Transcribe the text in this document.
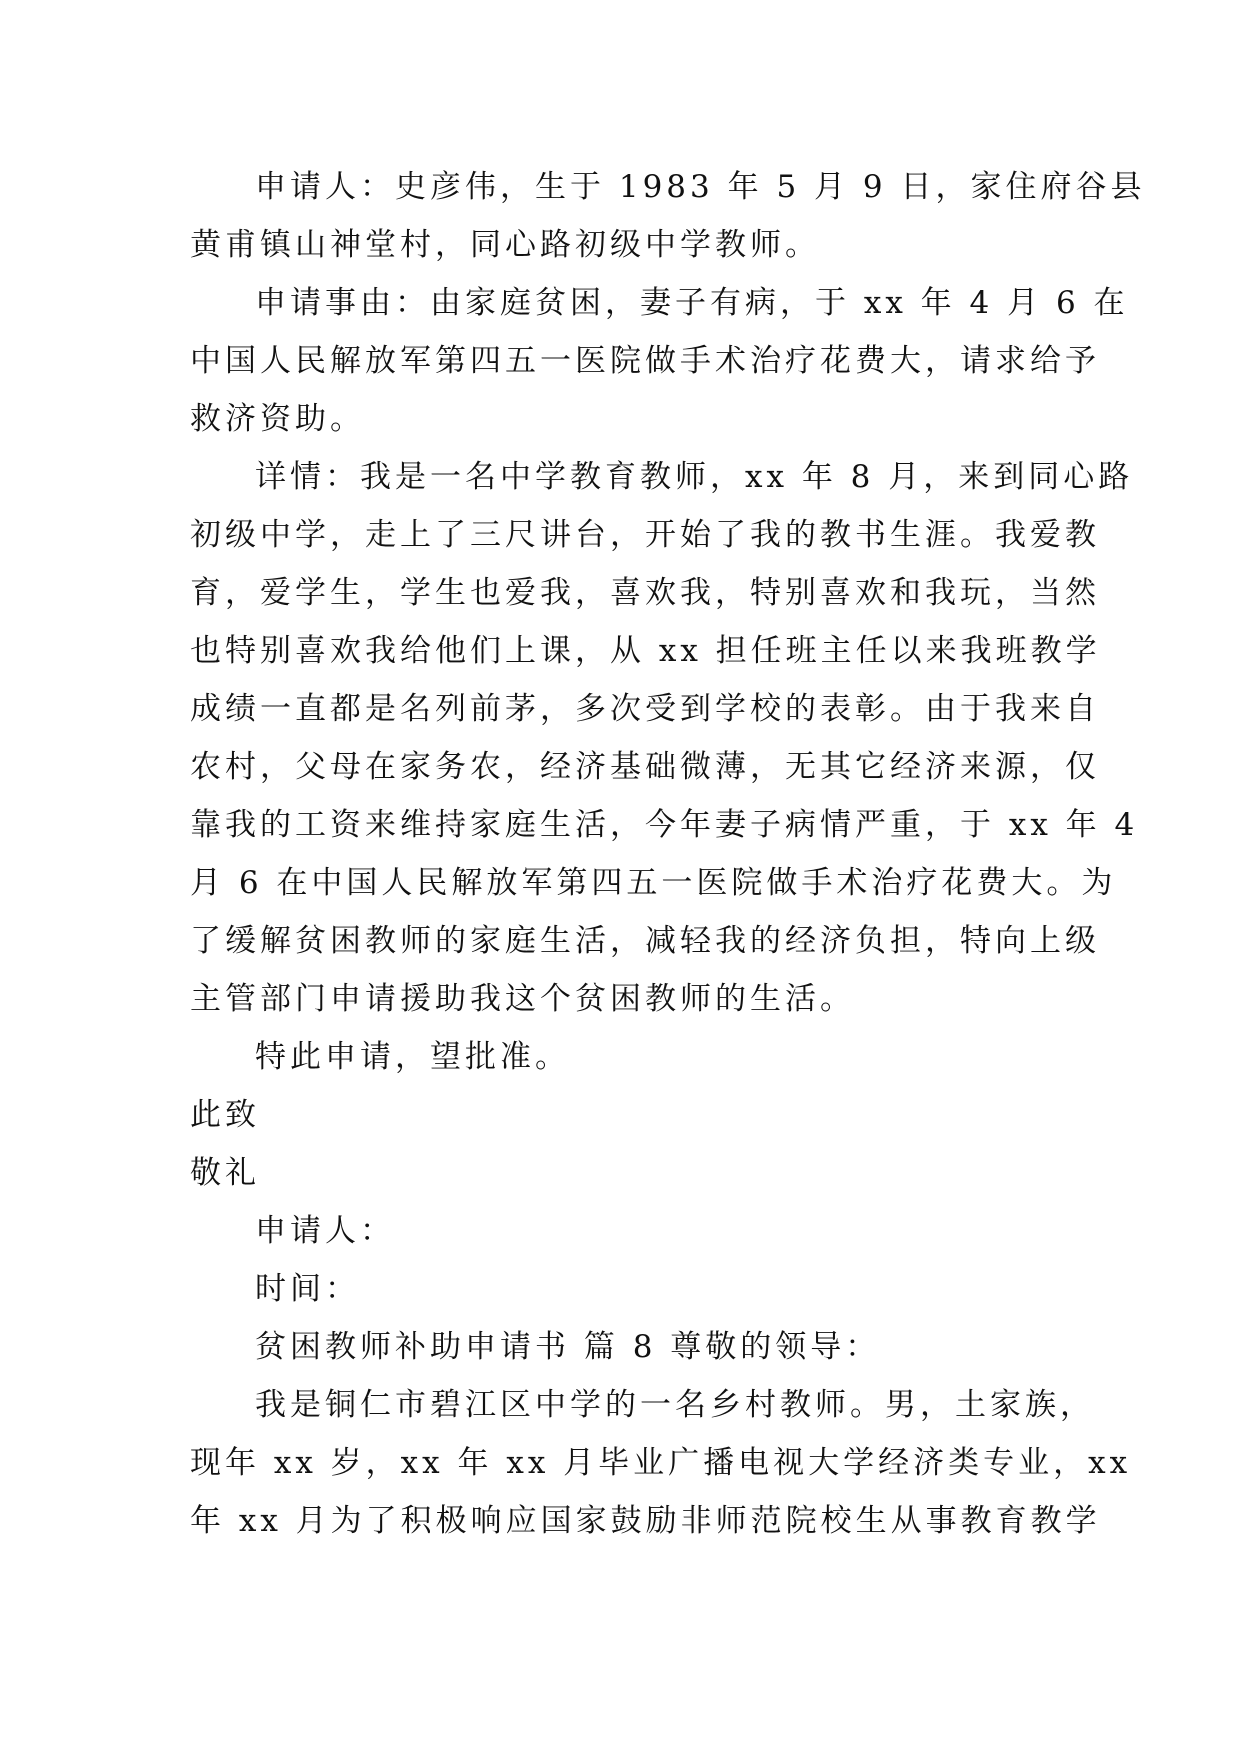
申请人：史彦伟，生于 1983 年 5 月 9 日，家住府谷县
黄甫镇山神堂村，同心路初级中学教师。
申请事由：由家庭贫困，妻子有病，于 xx 年 4 月 6 在
中国人民解放军第四五一医院做手术治疗花费大，请求给予
救济资助。
详情：我是一名中学教育教师，xx 年 8 月，来到同心路
初级中学，走上了三尺讲台，开始了我的教书生涯。我爱教
育，爱学生，学生也爱我，喜欢我，特别喜欢和我玩，当然
也特别喜欢我给他们上课，从 xx 担任班主任以来我班教学
成绩一直都是名列前茅，多次受到学校的表彰。由于我来自
农村，父母在家务农，经济基础微薄，无其它经济来源，仅
靠我的工资来维持家庭生活，今年妻子病情严重，于 xx 年 4
月 6 在中国人民解放军第四五一医院做手术治疗花费大。为
了缓解贫困教师的家庭生活，减轻我的经济负担，特向上级
主管部门申请援助我这个贫困教师的生活。
特此申请，望批准。
此致
敬礼
申请人：
时间：
贫困教师补助申请书 篇 8 尊敬的领导：
我是铜仁市碧江区中学的一名乡村教师。男，土家族，
现年 xx 岁，xx 年 xx 月毕业广播电视大学经济类专业，xx
年 xx 月为了积极响应国家鼓励非师范院校生从事教育教学
